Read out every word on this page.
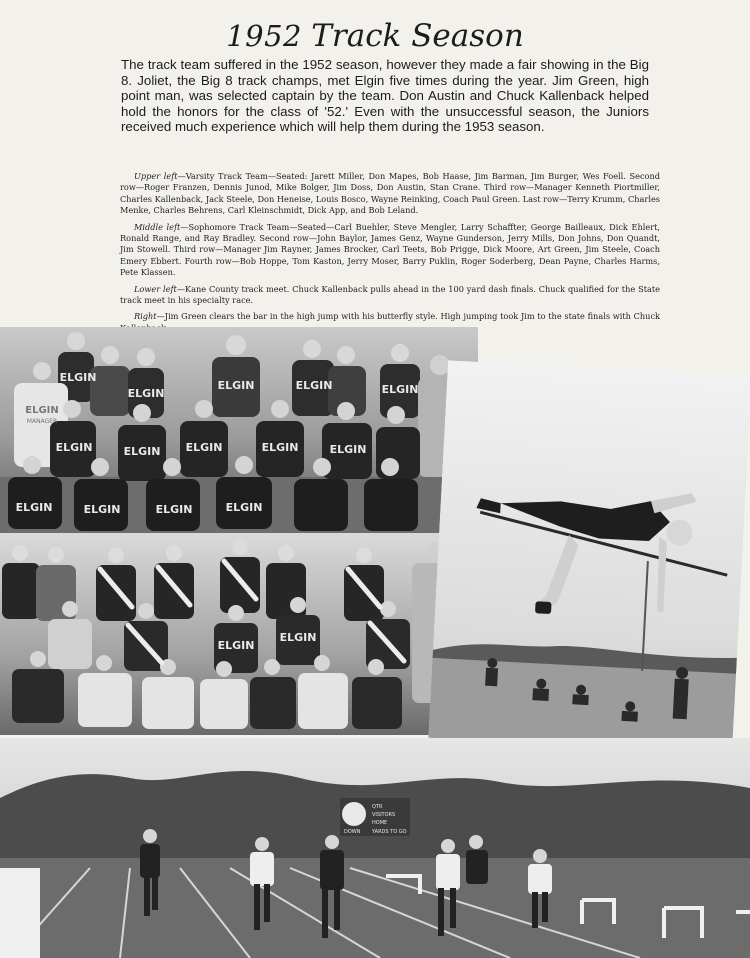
1952 Track Season

The track team suffered in the 1952 season, however they made a fair showing in the Big 8. Joliet, the Big 8 track champs, met Elgin five times during the year. Jim Green, high point man, was selected captain by the team. Don Austin and Chuck Kallenback helped hold the honors for the class of '52.' Even with the unsuccessful season, the Juniors received much experience which will help them during the 1953 season.

Upper left—Varsity Track Team—Seated: Jarett Miller, Don Mapes, Bob Haase, Jim Barman, Jim Burger, Wes Foell. Second row—Roger Franzen, Dennis Junod, Mike Bolger, Jim Doss, Don Austin, Stan Crane. Third row—Manager Kenneth Piortmiller, Charles Kallenback, Jack Steele, Don Heneise, Louis Bosco, Wayne Reinking, Coach Paul Green. Last row—Terry Krumm, Charles Menke, Charles Behrens, Carl Kleinschmidt, Dick App, and Bob Leland.

Middle left—Sophomore Track Team—Seated—Carl Buehler, Steve Mengler, Larry Schaffter, George Bailleaux, Dick Ehlert, Ronald Range, and Ray Bradley. Second row—John Baylor, James Genz, Wayne Gunderson, Jerry Mills, Don Johns, Don Quandt, Jim Stowell. Third row—Manager Jim Rayner, James Brocker, Carl Teets, Bob Prigge, Dick Moore, Art Green, Jim Steele, Coach Emery Ebbert. Fourth row—Bob Hoppe, Tom Kaston, Jerry Moser, Barry Puklin, Roger Soderberg, Dean Payne, Charles Harms, Pete Klassen.

Lower left—Kane County track meet. Chuck Kallenback pulls ahead in the 100 yard dash finals. Chuck qualified for the State track meet in his specialty race.

Right—Jim Green clears the bar in the high jump with his butterfly style. High jumping took Jim to the state finals with Chuck

ELGIN
ELGIN
ELGIN	ELGIN	ELGIN
ELGIN	ELGIN ELGIN	ELGIN	ELGIN
ELGIN	ELGIN	ELGIN	ELGIN
ELGIN
MANAGER
ELGIN
ELGIN
QTR
VISITORS
HOME
DOWN YARDS TO GO
